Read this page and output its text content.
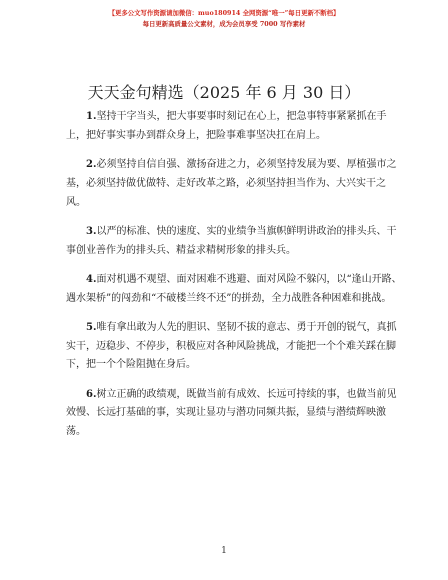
【更多公文写作资源请加微信：muo180914 全网资源“唯一”每日更新不断档】
每日更新高质量公文素材，成为会员享受 7000 写作素材
天天金句精选（2025 年 6 月 30 日）

1.坚持干字当头，把大事要事时刻记在心上，把急事特事紧紧抓在手上，把好事实事办到群众身上，把险事难事坚决扛在肩上。

2.必须坚持自信自强、激扬奋进之力，必须坚持发展为要、厚植强市之基，必须坚持做优做特、走好改革之路，必须坚持担当作为、大兴实干之风。

3.以严的标准、快的速度、实的业绩争当旗帜鲜明讲政治的排头兵、干事创业善作为的排头兵、精益求精树形象的排头兵。

4.面对机遇不观望、面对困难不逃避、面对风险不躲闪，以“逢山开路、遇水架桥”的闯劲和“不破楼兰终不还”的拼劲，全力战胜各种困难和挑战。

5.唯有拿出敢为人先的胆识、坚韧不拔的意志、勇于开创的锐气，真抓实干，迈稳步、不停步，积极应对各种风险挑战，才能把一个个难关踩在脚下，把一个个险阻抛在身后。

6.树立正确的政绩观，既做当前有成效、长远可持续的事，也做当前见效慢、长远打基础的事，实现让显功与潜功同频共振，显绩与潜绩辉映激荡。

1
